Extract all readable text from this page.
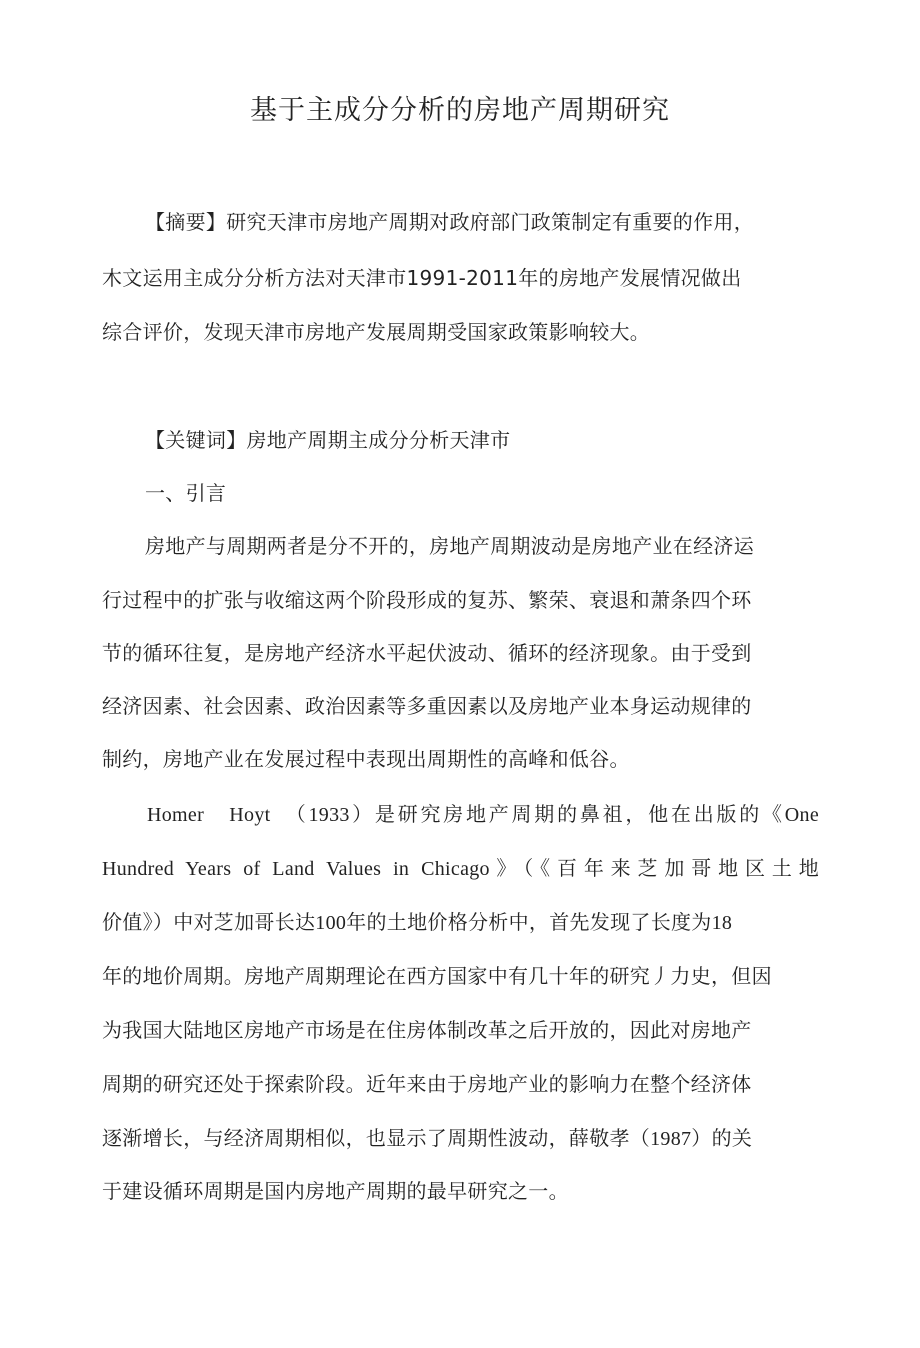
基于主成分分析的房地产周期研究
【摘要】研究天津市房地产周期对政府部门政策制定有重要的作用，
木文运用主成分分析方法对天津市1991-2011年的房地产发展情况做出
综合评价，发现天津市房地产发展周期受国家政策影响较大。
【关键词】房地产周期主成分分析天津市
一、引言
房地产与周期两者是分不开的，房地产周期波动是房地产业在经济运
行过程中的扩张与收缩这两个阶段形成的复苏、繁荣、衰退和萧条四个环
节的循环往复，是房地产经济水平起伏波动、循环的经济现象。由于受到
经济因素、社会因素、政治因素等多重因素以及房地产业本身运动规律的
制约，房地产业在发展过程中表现出周期性的高峰和低谷。
Homer　Hoyt　（1933）是研究房地产周期的鼻祖，他在出版的《One
Hundred Years of Land Values in Chicago》（《百年来芝加哥地区土地
价值》）中对芝加哥长达100年的土地价格分析中，首先发现了长度为18
年的地价周期。房地产周期理论在西方国家中有几十年的研究丿力史，但因
为我国大陆地区房地产市场是在住房体制改革之后开放的，因此对房地产
周期的研究还处于探索阶段。近年来由于房地产业的影响力在整个经济体
逐渐增长，与经济周期相似，也显示了周期性波动，薛敬孝（1987）的关
于建设循环周期是国内房地产周期的最早研究之一。
